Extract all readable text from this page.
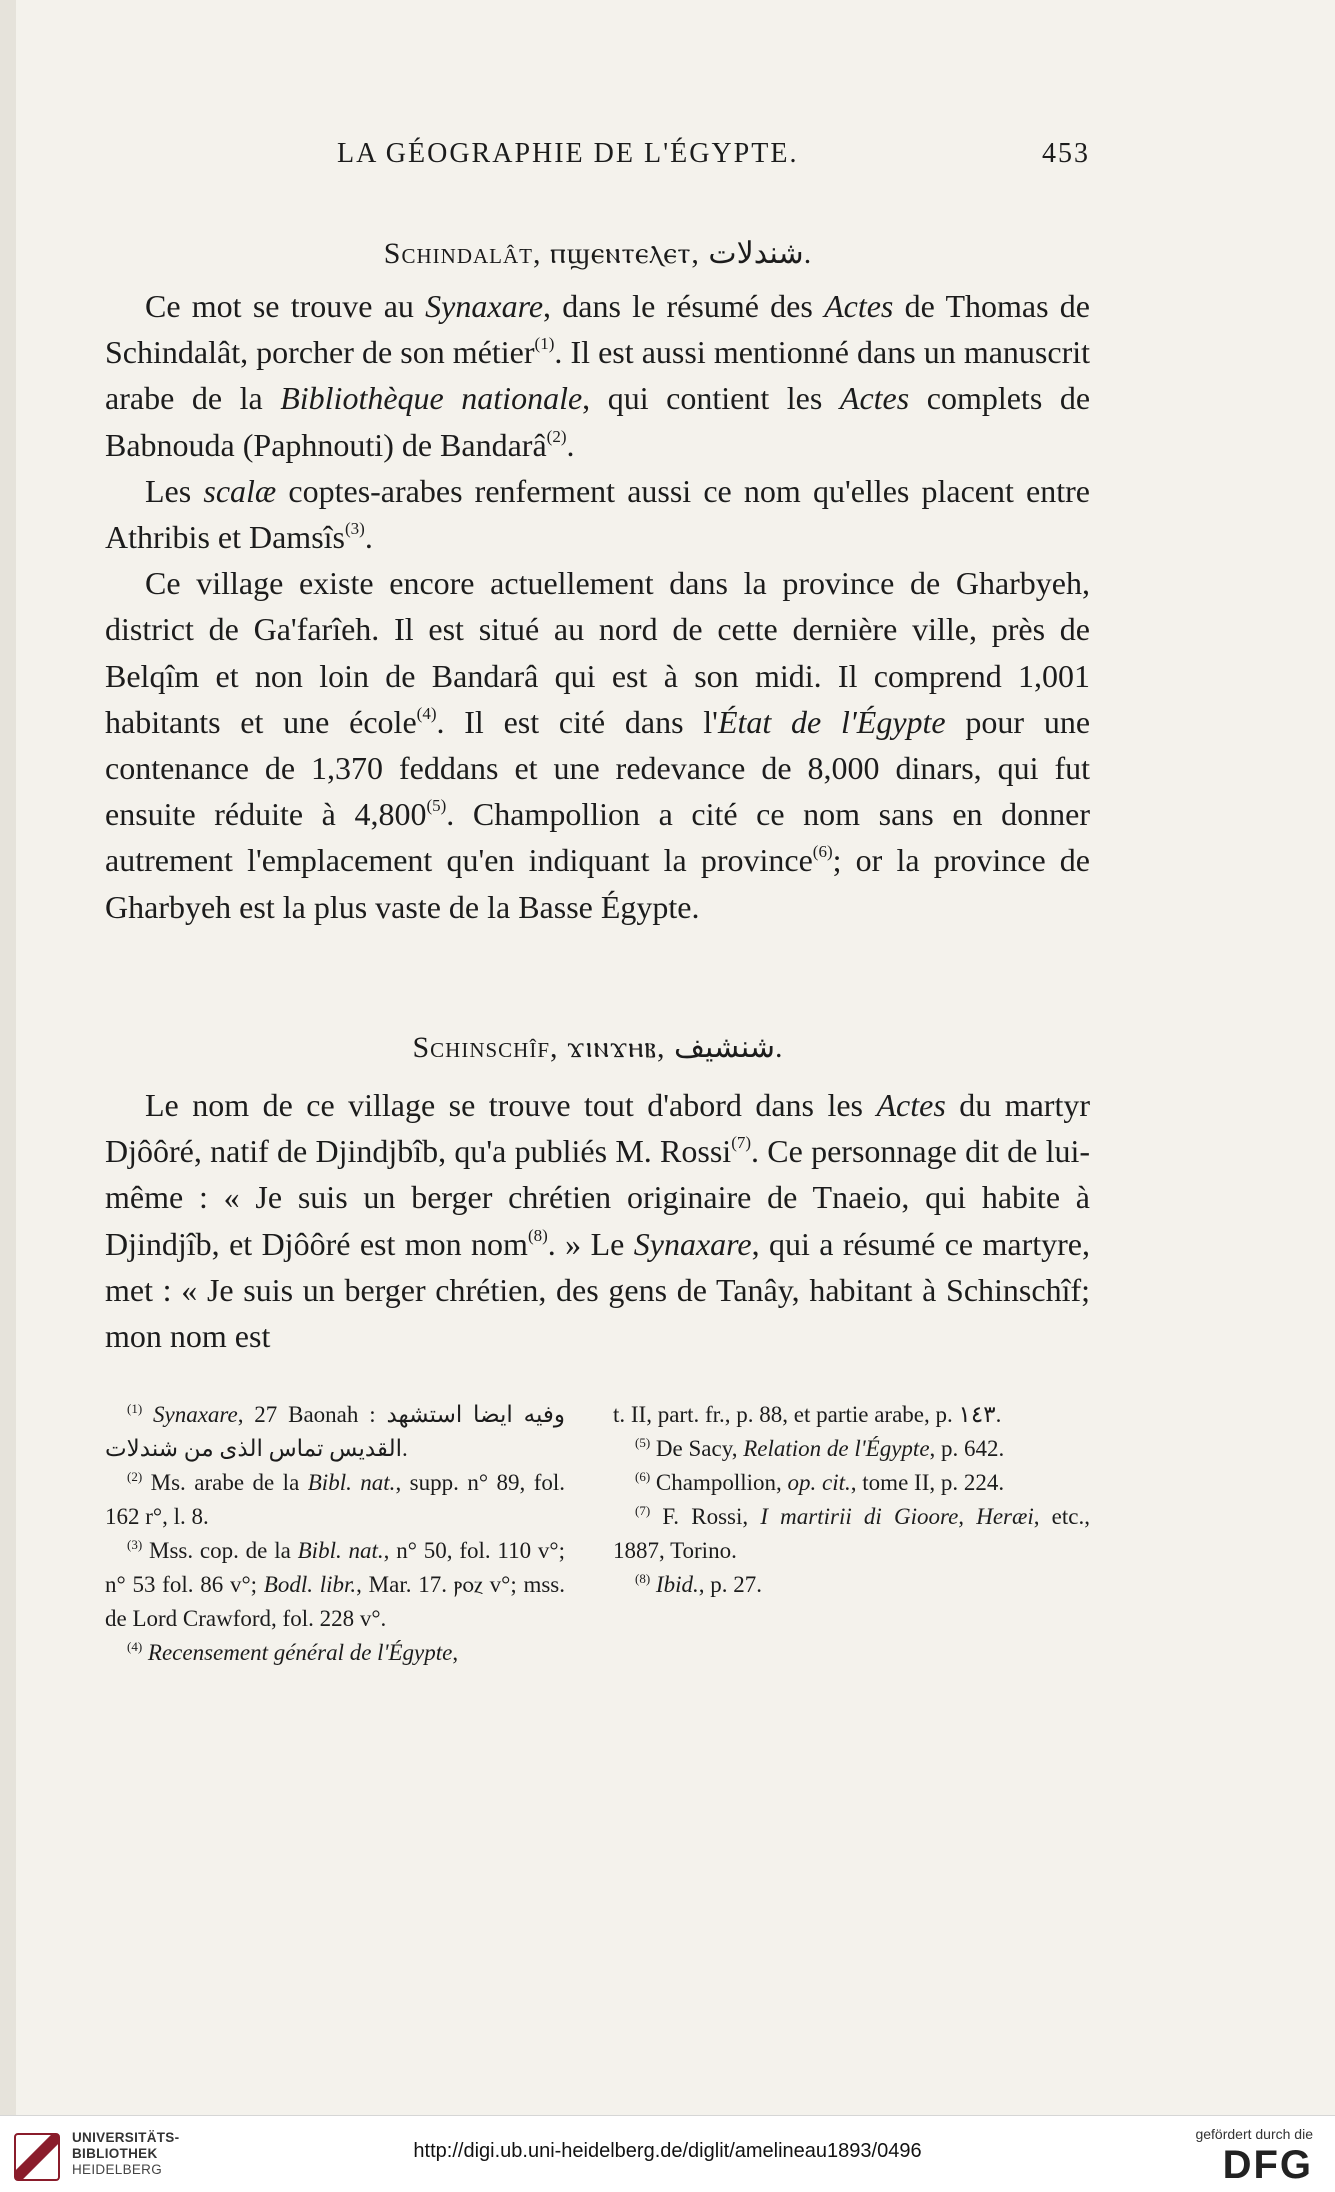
LA GÉOGRAPHIE DE L'ÉGYPTE.	453
Schindalât, ⲡϣⲉⲛⲧⲉⲗⲉⲧ, شندلات.

Ce mot se trouve au Synaxare, dans le résumé des Actes de Thomas de Schindalât, porcher de son métier$^{(1)}$. Il est aussi mentionné dans un manuscrit arabe de la Bibliothèque nationale, qui contient les Actes complets de Babnouda (Paphnouti) de Bandarâ$^{(2)}$.

Les scalæ coptes-arabes renferment aussi ce nom qu'elles placent entre Athribis et Damsîs$^{(3)}$.

Ce village existe encore actuellement dans la province de Gharbyeh, district de Ga'farîeh. Il est situé au nord de cette dernière ville, près de Belqîm et non loin de Bandarâ qui est à son midi. Il comprend 1,001 habitants et une école$^{(4)}$. Il est cité dans l'État de l'Égypte pour une contenance de 1,370 feddans et une redevance de 8,000 dinars, qui fut ensuite réduite à 4,800$^{(5)}$. Champollion a cité ce nom sans en donner autrement l'emplacement qu'en indiquant la province$^{(6)}$; or la province de Gharbyeh est la plus vaste de la Basse Égypte.

Schinschîf, ϫⲓⲛϫⲏⲃ, شنشيف.

Le nom de ce village se trouve tout d'abord dans les Actes du martyr Djôôré, natif de Djindjbîb, qu'a publiés M. Rossi$^{(7)}$. Ce personnage dit de lui-même : « Je suis un berger chrétien originaire de Tnaeio, qui habite à Djindjîb, et Djôôré est mon nom$^{(8)}$. » Le Synaxare, qui a résumé ce martyre, met : « Je suis un berger chrétien, des gens de Tanây, habitant à Schinschîf; mon nom est

$^{(1)}$ Synaxare, 27 Baonah : وفيه ايضا استشهد القديس تماس الذى من شندلات.

$^{(2)}$ Ms. arabe de la Bibl. nat., supp. n° 89, fol. 162 r°, l. 8.

$^{(3)}$ Mss. cop. de la Bibl. nat., n° 50, fol. 110 v°; n° 53 fol. 86 v°; Bodl. libr., Mar. 17. ⲣⲟⲍ v°; mss. de Lord Crawford, fol. 228 v°.

$^{(4)}$ Recensement général de l'Égypte,

t. II, part. fr., p. 88, et partie arabe, p. ١٤٣.

$^{(5)}$ De Sacy, Relation de l'Égypte, p. 642.

$^{(6)}$ Champollion, op. cit., tome II, p. 224.

$^{(7)}$ F. Rossi, I martirii di Gioore, Heræi, etc., 1887, Torino.

$^{(8)}$ Ibid., p. 27.

UNIVERSITÄTS-
BIBLIOTHEK
HEIDELBERG
http://digi.ub.uni-heidelberg.de/diglit/amelineau1893/0496
gefördert durch die
DFG
